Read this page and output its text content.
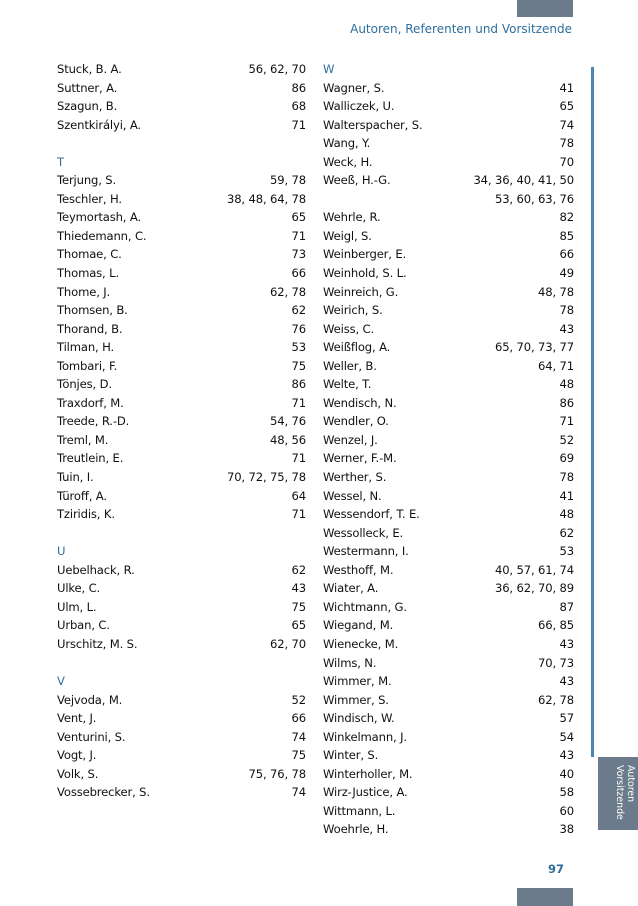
Autoren, Referenten und Vorsitzende
Stuck, B. A.	56, 62, 70
Suttner, A.	86
Szagun, B.	68
Szentkirályi, A.	71
T
Terjung, S.	59, 78
Teschler, H.	38, 48, 64, 78
Teymortash, A.	65
Thiedemann, C.	71
Thomae, C.	73
Thomas, L.	66
Thome, J.	62, 78
Thomsen, B.	62
Thorand, B.	76
Tilman, H.	53
Tombari, F.	75
Tönjes, D.	86
Traxdorf, M.	71
Treede, R.-D.	54, 76
Treml, M.	48, 56
Treutlein, E.	71
Tuin, I.	70, 72, 75, 78
Türoff, A.	64
Tziridis, K.	71
U
Uebelhack, R.	62
Ulke, C.	43
Ulm, L.	75
Urban, C.	65
Urschitz, M. S.	62, 70
V
Vejvoda, M.	52
Vent, J.	66
Venturini, S.	74
Vogt, J.	75
Volk, S.	75, 76, 78
Vossebrecker, S.	74
W
Wagner, S.	41
Walliczek, U.	65
Walterspacher, S.	74
Wang, Y.	78
Weck, H.	70
Weeß, H.-G.	34, 36, 40, 41, 50
53, 60, 63, 76
Wehrle, R.	82
Weigl, S.	85
Weinberger, E.	66
Weinhold, S. L.	49
Weinreich, G.	48, 78
Weirich, S.	78
Weiss, C.	43
Weißflog, A.	65, 70, 73, 77
Weller, B.	64, 71
Welte, T.	48
Wendisch, N.	86
Wendler, O.	71
Wenzel, J.	52
Werner, F.-M.	69
Werther, S.	78
Wessel, N.	41
Wessendorf, T. E.	48
Wessolleck, E.	62
Westermann, I.	53
Westhoff, M.	40, 57, 61, 74
Wiater, A.	36, 62, 70, 89
Wichtmann, G.	87
Wiegand, M.	66, 85
Wienecke, M.	43
Wilms, N.	70, 73
Wimmer, M.	43
Wimmer, S.	62, 78
Windisch, W.	57
Winkelmann, J.	54
Winter, S.	43
Winterholler, M.	40
Wirz-Justice, A.	58
Wittmann, L.	60
Woehrle, H.	38
Autoren
Vorsitzende
97
